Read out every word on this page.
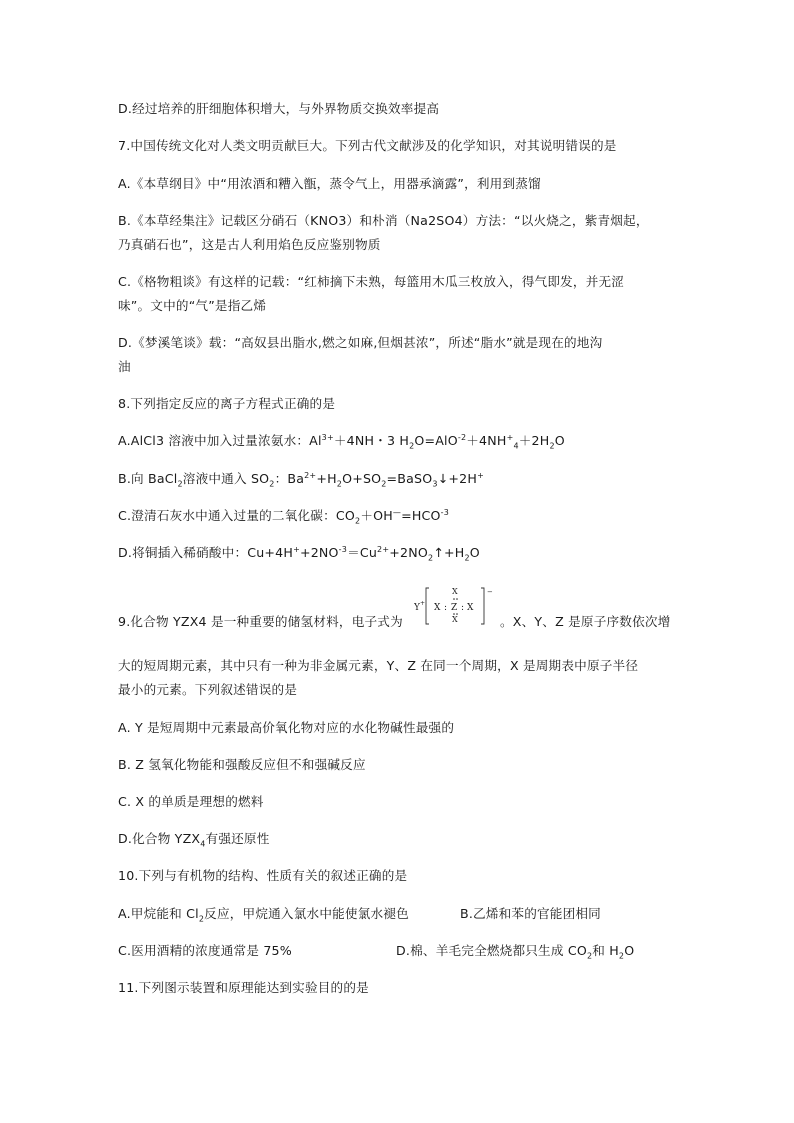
D.经过培养的肝细胞体积增大，与外界物质交换效率提高
7.中国传统文化对人类文明贡献巨大。下列古代文献涉及的化学知识，对其说明错误的是
A.《本草纲目》中“用浓酒和糟入甑，蒸令气上，用器承滴露”，利用到蒸馏
B.《本草经集注》记载区分硝石（KNO3）和朴消（Na2SO4）方法：“以火烧之，紫青烟起，
乃真硝石也”，这是古人利用焰色反应鉴别物质
C.《格物粗谈》有这样的记载：“红柿摘下未熟，每篮用木瓜三枚放入，得气即发，并无涩
味”。文中的“气”是指乙烯
D.《梦溪笔谈》载：“高奴县出脂水,燃之如麻,但烟甚浓”，所述“脂水”就是现在的地沟
油
8.下列指定反应的离子方程式正确的是
A.AlCl3 溶液中加入过量浓氨水：$Al^{3+}+4NH$・3 $H_2O=AlO^{-2}+4NH^+_4+2H_2O$
B.向 BaCl$_2$溶液中通入 $SO_2$：$Ba^{2+}+H_2O+SO_2=BaSO_3↓+2H^+$
C.澄清石灰水中通入过量的二氧化碳：$CO_2+OH^—=HCO^{-3}$
D.将铜插入稀硝酸中：$Cu+4H^++2NO^{-3}=Cu^{2+}+2NO_2↑+H_2O$
9.化合物 YZX4 是一种重要的储氢材料，电子式为
Y +
−
X
X : Z : X
X	。X、Y、Z 是原子序数依次增
大的短周期元素，其中只有一种为非金属元素，Y、Z 在同一个周期，X 是周期表中原子半径
最小的元素。下列叙述错误的是
A. Y 是短周期中元素最高价氧化物对应的水化物碱性最强的
B. Z 氢氧化物能和强酸反应但不和强碱反应
C. X 的单质是理想的燃料
D.化合物 $YZX_4$有强还原性
10.下列与有机物的结构、性质有关的叙述正确的是
A.甲烷能和 $Cl_2$反应，甲烷通入氯水中能使氯水褪色	B.乙烯和苯的官能团相同
C.医用酒精的浓度通常是 75%	D.棉、羊毛完全燃烧都只生成 $CO_2$和 $H_2O$
11.下列图示装置和原理能达到实验目的的是
